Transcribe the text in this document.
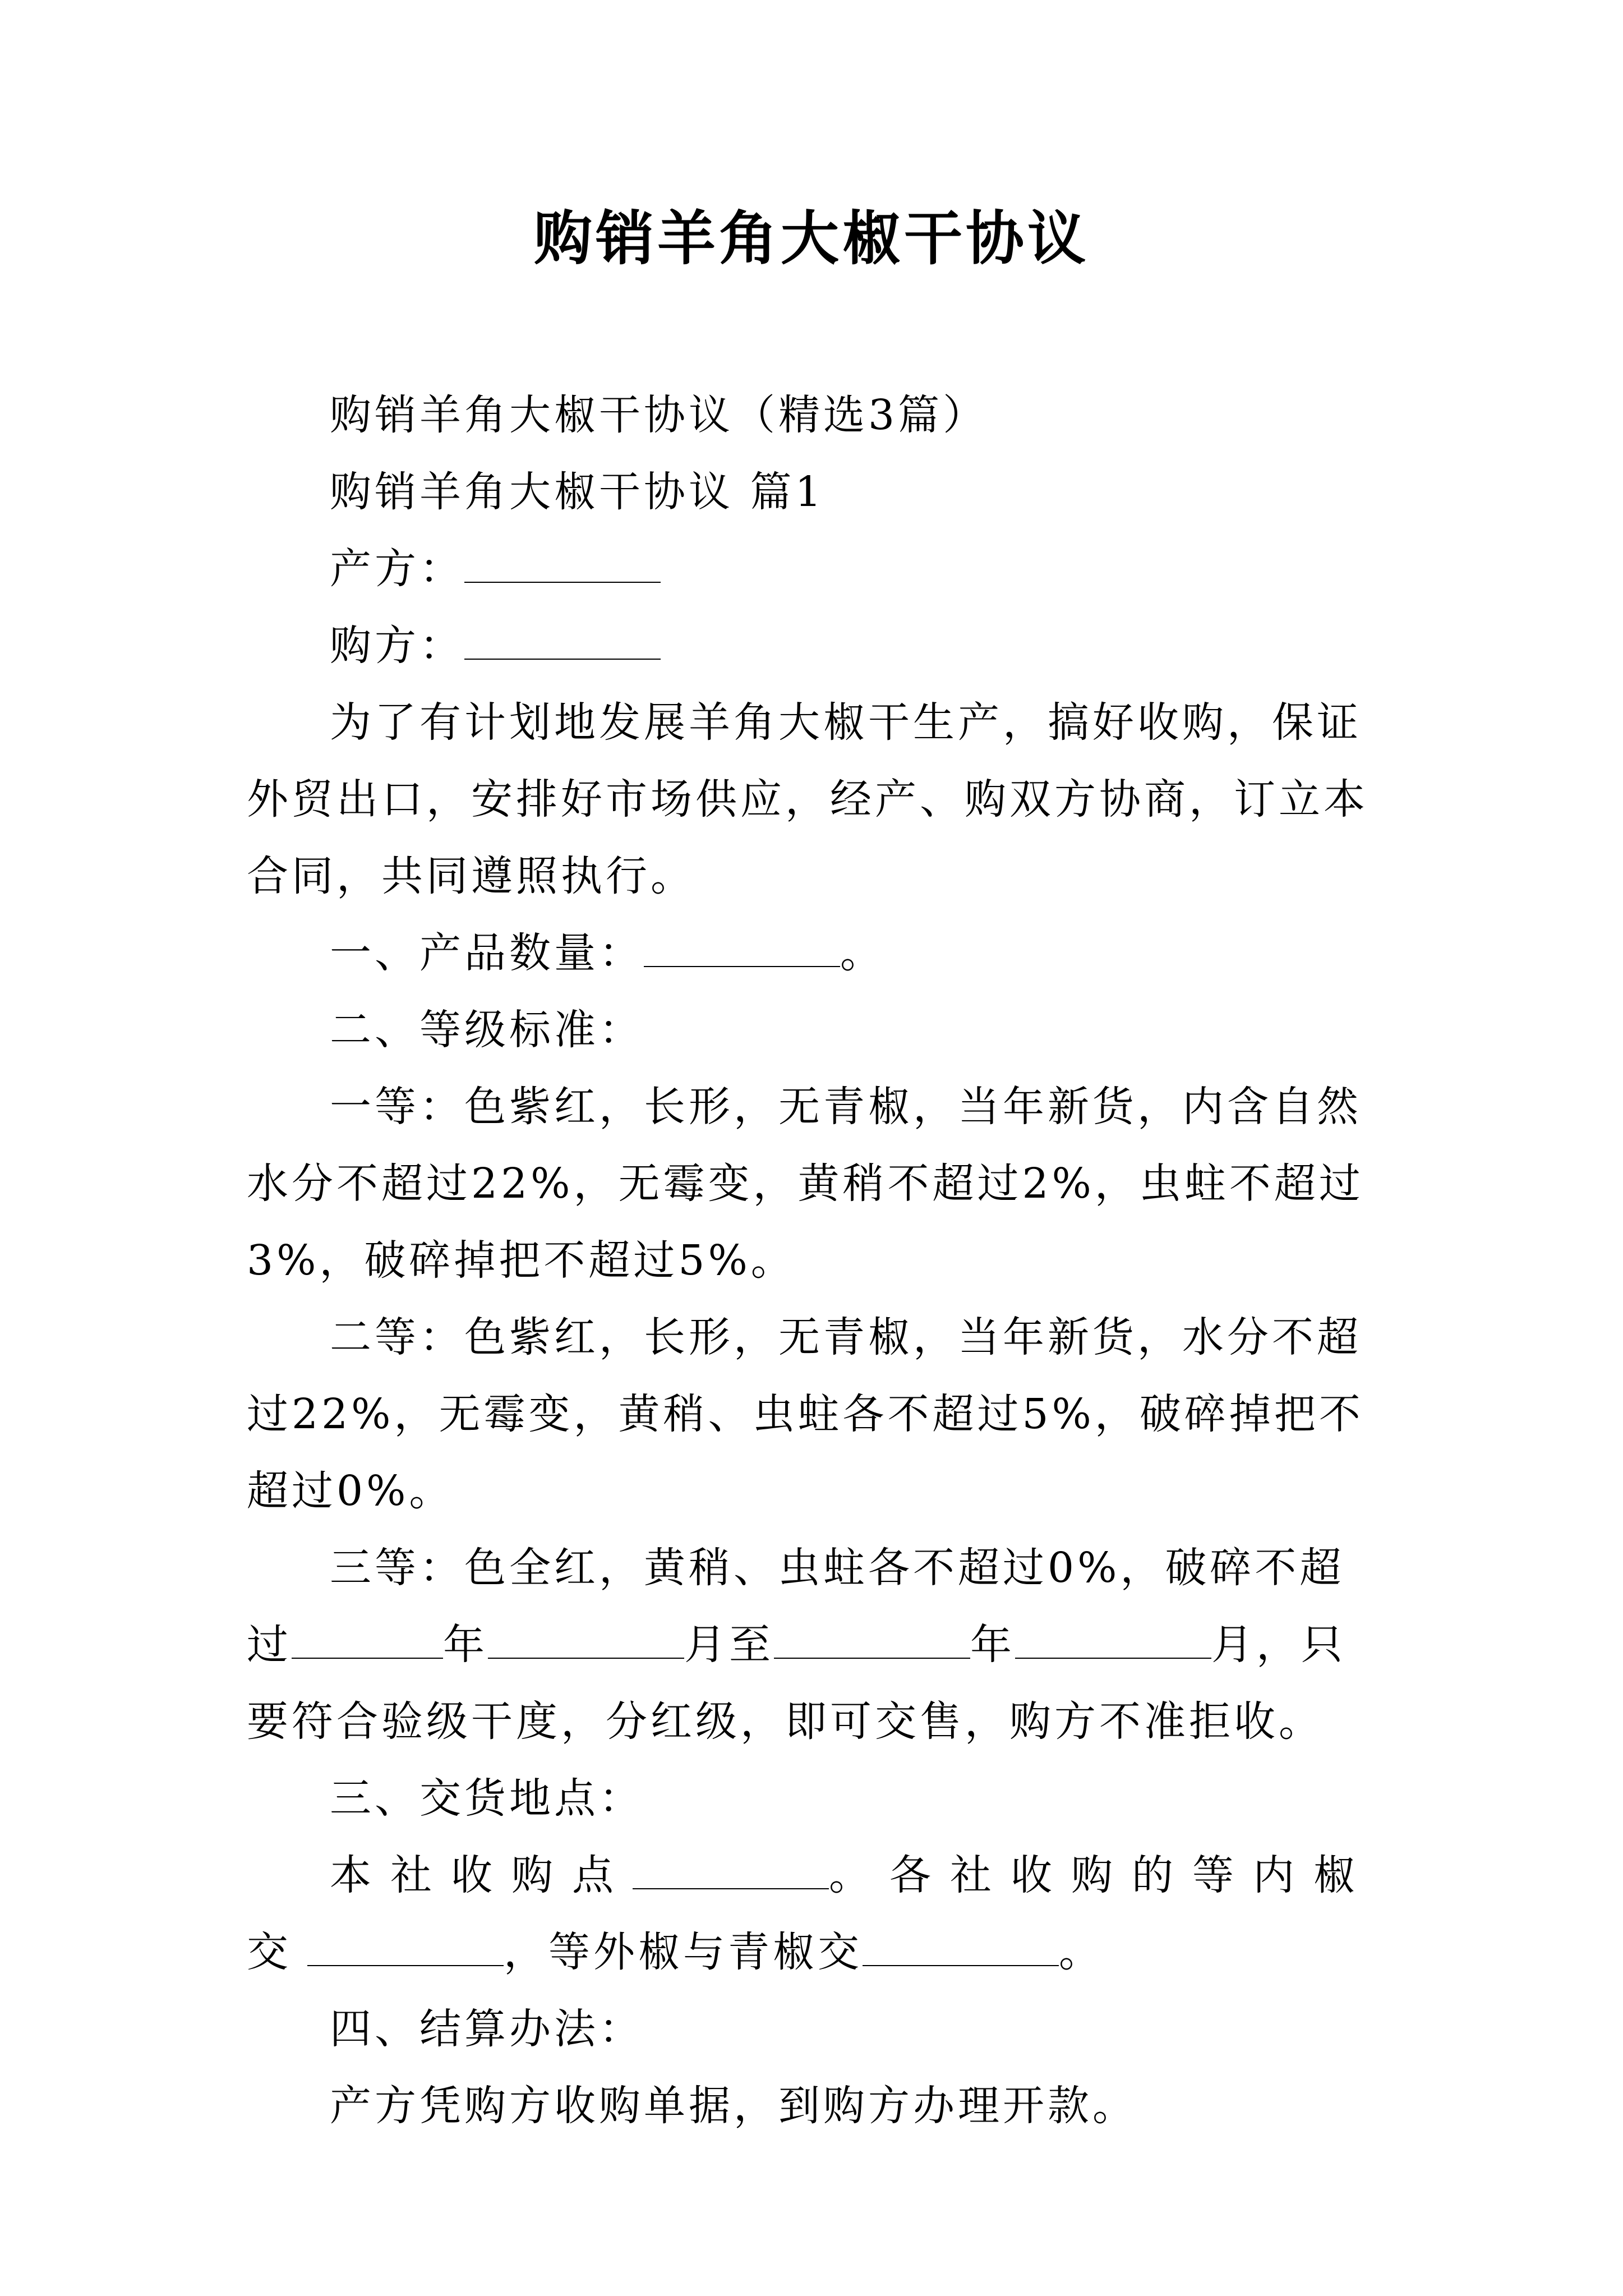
购销羊角大椒干协议

购销羊角大椒干协议（精选3篇）

购销羊角大椒干协议 篇1

产方：

购方：

为了有计划地发展羊角大椒干生产，搞好收购，保证外贸出口，安排好市场供应，经产、购双方协商，订立本合同，共同遵照执行。

一、产品数量：	。

二、等级标准：

一等：色紫红，长形，无青椒，当年新货，内含自然水分不超过22%，无霉变，黄稍不超过2%，虫蛀不超过3%，破碎掉把不超过5%。

二等：色紫红，长形，无青椒，当年新货，水分不超过22%，无霉变，黄稍、虫蛀各不超过5%，破碎掉把不超过0%。

三等：色全红，黄稍、虫蛀各不超过0%，破碎不超过	年	月至	年	月，只要符合验级干度，分红级，即可交售，购方不准拒收。

三、交货地点：

本社收购点	。各社收购的等内椒交	，等外椒与青椒交	。

四、结算办法：

产方凭购方收购单据，到购方办理开款。
